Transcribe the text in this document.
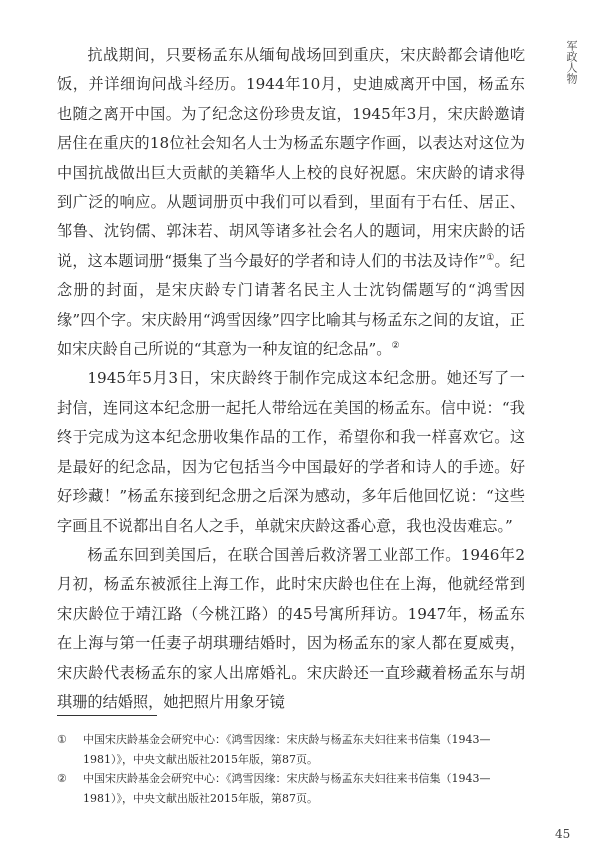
军政人物

抗战期间，只要杨孟东从缅甸战场回到重庆，宋庆龄都会请他吃饭，并详细询问战斗经历。1944年10月，史迪威离开中国，杨孟东也随之离开中国。为了纪念这份珍贵友谊，1945年3月，宋庆龄邀请居住在重庆的18位社会知名人士为杨孟东题字作画，以表达对这位为中国抗战做出巨大贡献的美籍华人上校的良好祝愿。宋庆龄的请求得到广泛的响应。从题词册页中我们可以看到，里面有于右任、居正、邹鲁、沈钧儒、郭沫若、胡风等诸多社会名人的题词，用宋庆龄的话说，这本题词册“摄集了当今最好的学者和诗人们的书法及诗作”①。纪念册的封面，是宋庆龄专门请著名民主人士沈钧儒题写的“鸿雪因缘”四个字。宋庆龄用“鸿雪因缘”四字比喻其与杨孟东之间的友谊，正如宋庆龄自己所说的“其意为一种友谊的纪念品”。②

1945年5月3日，宋庆龄终于制作完成这本纪念册。她还写了一封信，连同这本纪念册一起托人带给远在美国的杨孟东。信中说：“我终于完成为这本纪念册收集作品的工作，希望你和我一样喜欢它。这是最好的纪念品，因为它包括当今中国最好的学者和诗人的手迹。好好珍藏！”杨孟东接到纪念册之后深为感动，多年后他回忆说：“这些字画且不说都出自名人之手，单就宋庆龄这番心意，我也没齿难忘。”

杨孟东回到美国后，在联合国善后救济署工业部工作。1946年2月初，杨孟东被派往上海工作，此时宋庆龄也住在上海，他就经常到宋庆龄位于靖江路（今桃江路）的45号寓所拜访。1947年，杨孟东在上海与第一任妻子胡琪珊结婚时，因为杨孟东的家人都在夏威夷，宋庆龄代表杨孟东的家人出席婚礼。宋庆龄还一直珍藏着杨孟东与胡琪珊的结婚照，她把照片用象牙镜

①	中国宋庆龄基金会研究中心：《鸿雪因缘：宋庆龄与杨孟东夫妇往来书信集（1943—1981）》，中央文献出版社2015年版，第87页。
②	中国宋庆龄基金会研究中心：《鸿雪因缘：宋庆龄与杨孟东夫妇往来书信集（1943—1981）》，中央文献出版社2015年版，第87页。
45
